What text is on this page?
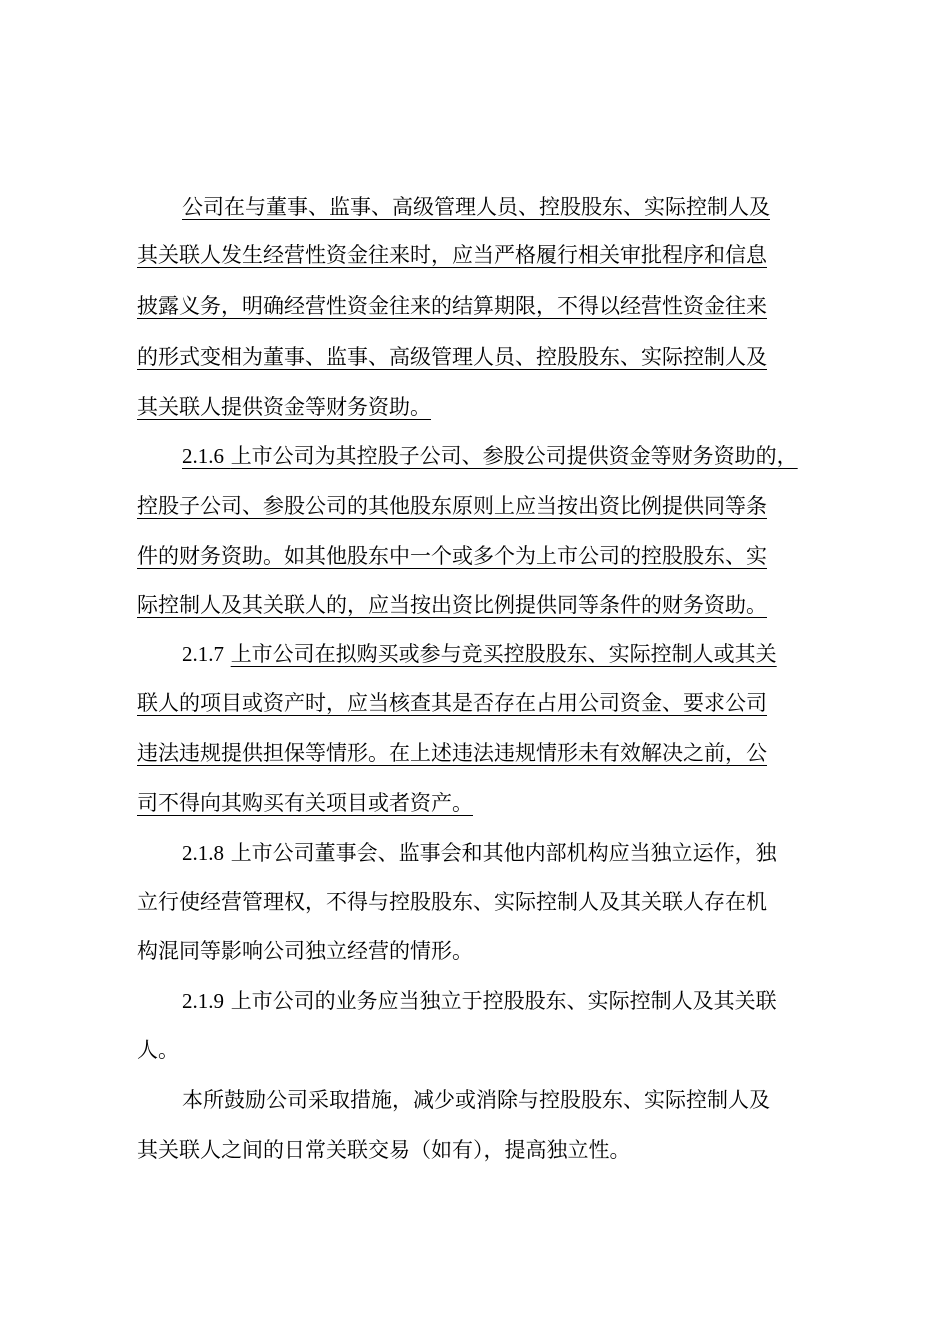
公司在与董事、监事、高级管理人员、控股股东、实际控制人及
其关联人发生经营性资金往来时，应当严格履行相关审批程序和信息
披露义务，明确经营性资金往来的结算期限，不得以经营性资金往来
的形式变相为董事、监事、高级管理人员、控股股东、实际控制人及
其关联人提供资金等财务资助。
2.1.6 上市公司为其控股子公司、参股公司提供资金等财务资助的，
控股子公司、参股公司的其他股东原则上应当按出资比例提供同等条
件的财务资助。如其他股东中一个或多个为上市公司的控股股东、实
际控制人及其关联人的，应当按出资比例提供同等条件的财务资助。
2.1.7 上市公司在拟购买或参与竞买控股股东、实际控制人或其关
联人的项目或资产时，应当核查其是否存在占用公司资金、要求公司
违法违规提供担保等情形。在上述违法违规情形未有效解决之前，公
司不得向其购买有关项目或者资产。
2.1.8 上市公司董事会、监事会和其他内部机构应当独立运作，独
立行使经营管理权，不得与控股股东、实际控制人及其关联人存在机
构混同等影响公司独立经营的情形。
2.1.9 上市公司的业务应当独立于控股股东、实际控制人及其关联
人。
本所鼓励公司采取措施，减少或消除与控股股东、实际控制人及
其关联人之间的日常关联交易（如有），提高独立性。
